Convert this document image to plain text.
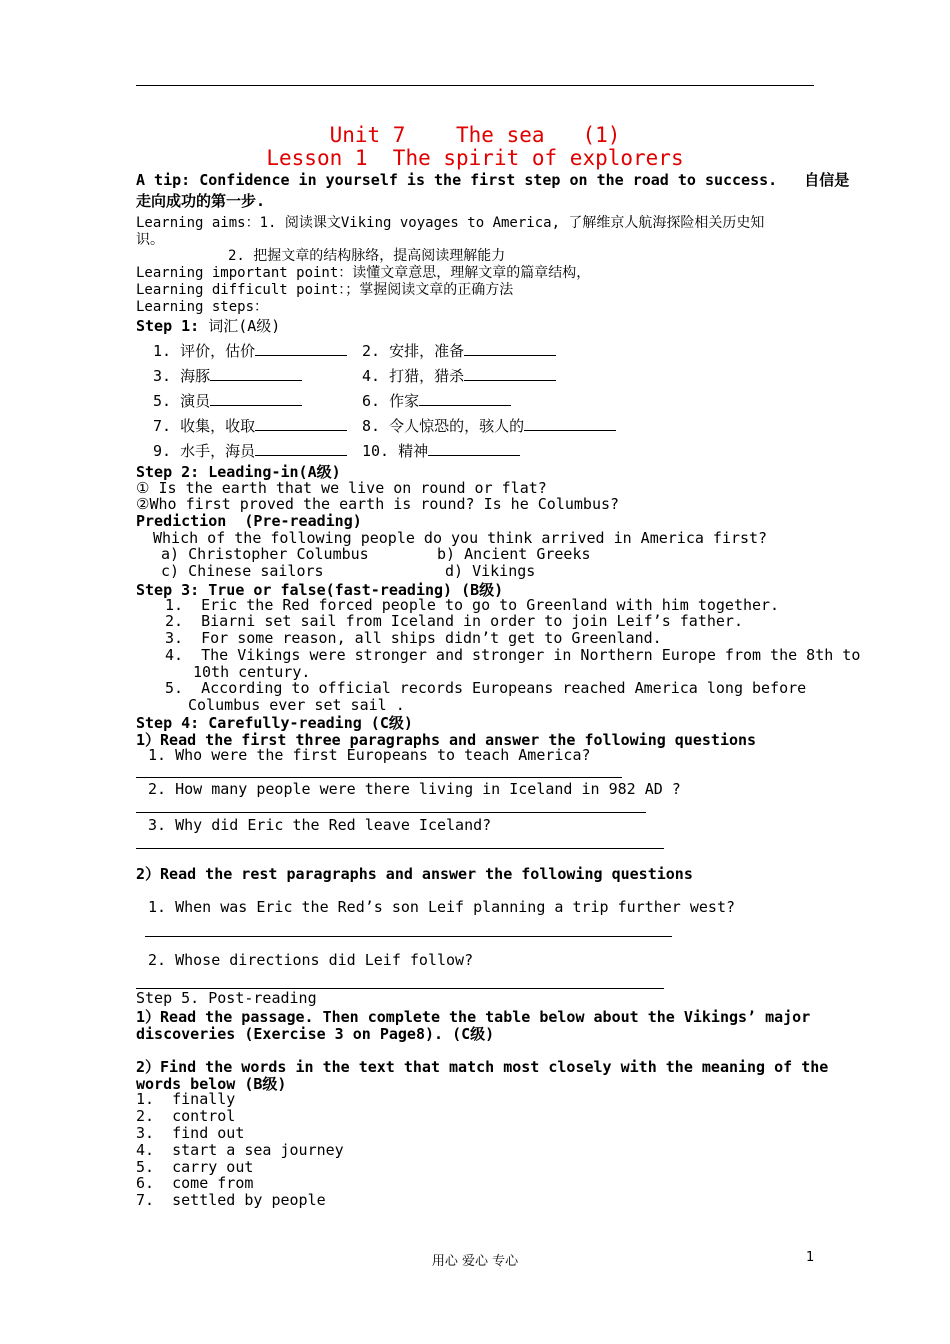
Unit 7    The sea   (1)
Lesson 1  The spirit of explorers
A tip: Confidence in yourself is the first step on the road to success.   自信是
走向成功的第一步.
Learning aims：1. 阅读课文Viking voyages to America, 了解维京人航海探险相关历史知
识。
2. 把握文章的结构脉络，提高阅读理解能力
Learning important point：读懂文章意思，理解文章的篇章结构，
Learning difficult point：；掌握阅读文章的正确方法
Learning steps：
Step 1: 词汇(A级)
1. 评价，估价	2. 安排，准备
3. 海豚	4. 打猎，猎杀
5. 演员	6. 作家
7. 收集，收取	8. 令人惊恐的，骇人的
9. 水手，海员	10. 精神
Step 2: Leading-in(A级)
① Is the earth that we live on round or flat?
②Who first proved the earth is round? Is he Columbus?
Prediction  (Pre-reading)
Which of the following people do you think arrived in America first?
a) Christopher Columbus	b) Ancient Greeks
c) Chinese sailors	d) Vikings
Step 3: True or false(fast-reading) (B级)
1.  Eric the Red forced people to go to Greenland with him together.
2.  Biarni set sail from Iceland in order to join Leif’s father.
3.  For some reason, all ships didn’t get to Greenland.
4.  The Vikings were stronger and stronger in Northern Europe from the 8th to
10th century.
5.  According to official records Europeans reached America long before
Columbus ever set sail .
Step 4: Carefully-reading (C级)
1）Read the first three paragraphs and answer the following questions
1. Who were the first Europeans to teach America?
2. How many people were there living in Iceland in 982 AD ?
3. Why did Eric the Red leave Iceland?
2）Read the rest paragraphs and answer the following questions
1. When was Eric the Red’s son Leif planning a trip further west?
2. Whose directions did Leif follow?
Step 5. Post-reading
1）Read the passage. Then complete the table below about the Vikings’ major
discoveries (Exercise 3 on Page8). (C级)
2）Find the words in the text that match most closely with the meaning of the
words below (B级)
1.  finally
2.  control
3.  find out
4.  start a sea journey
5.  carry out
6.  come from
7.  settled by people
用心 爱心 专心	1
